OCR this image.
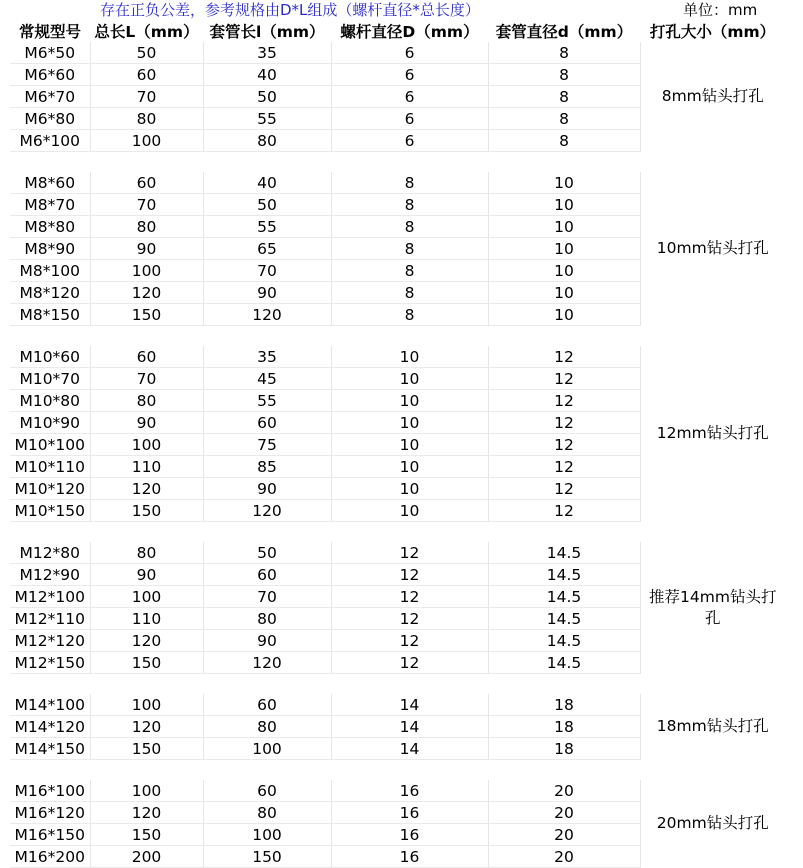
存在正负公差，参考规格由D*L组成（螺杆直径*总长度）	单位：mm
常规型号	总长L（mm）	套管长l（mm）	螺杆直径D（mm）	套管直径d（mm）	打孔大小（mm）
M6*50	50	35	6	8	8mm钻头打孔

M6*60	60	40	6	8	
M6*70	70	50	6	8	
M6*80	80	55	6	8	
M6*100	100	80	6	8	

M8*60	60	40	8	10	10mm钻头打孔

M8*70	70	50	8	10	
M8*80	80	55	8	10	
M8*90	90	65	8	10	
M8*100	100	70	8	10	
M8*120	120	90	8	10	
M8*150	150	120	8	10	

M10*60	60	35	10	12	12mm钻头打孔

M10*70	70	45	10	12	
M10*80	80	55	10	12	
M10*90	90	60	10	12	
M10*100	100	75	10	12	
M10*110	110	85	10	12	
M10*120	120	90	10	12	
M10*150	150	120	10	12	

M12*80	80	50	12	14.5	推荐14mm钻头打孔

M12*90	90	60	12	14.5	
M12*100	100	70	12	14.5	
M12*110	110	80	12	14.5	
M12*120	120	90	12	14.5	
M12*150	150	120	12	14.5	

M14*100	100	60	14	18	18mm钻头打孔

M14*120	120	80	14	18	
M14*150	150	100	14	18	

M16*100	100	60	16	20	20mm钻头打孔

M16*120	120	80	16	20	
M16*150	150	100	16	20	
M16*200	200	150	16	20	
